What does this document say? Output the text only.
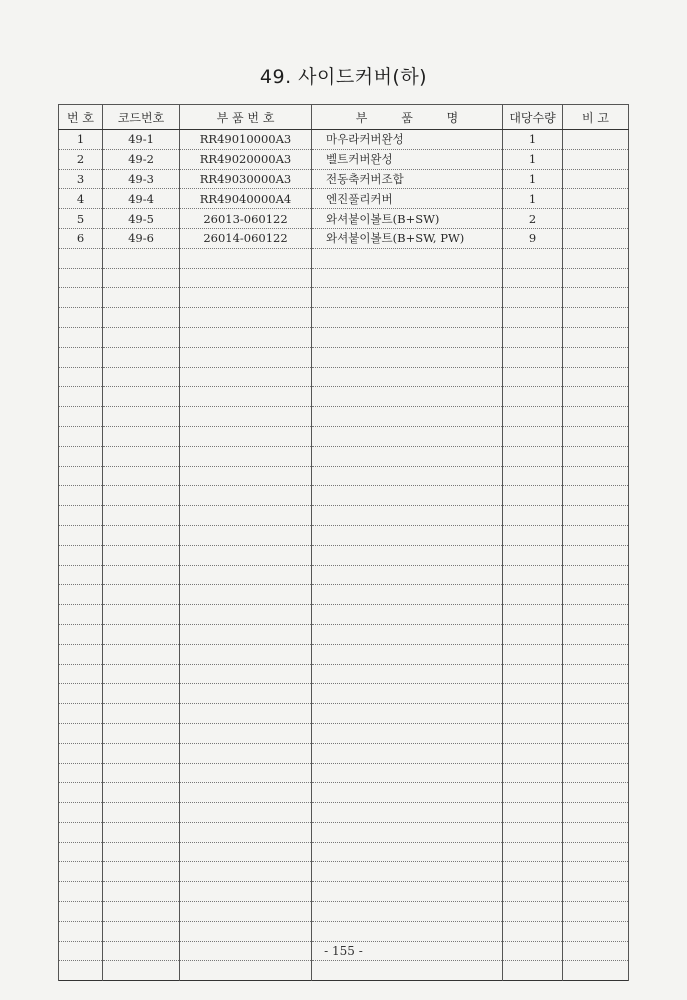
49. 사이드커버(하)
번 호	코드번호	부 품 번 호	부 품 명	대당수량	비 고
1	49-1	RR49010000A3	마우라커버완성	1	
2	49-2	RR49020000A3	벨트커버완성	1	
3	49-3	RR49030000A3	전동축커버조합	1	
4	49-4	RR49040000A4	엔진풀리커버	1	
5	49-5	26013-060122	와셔붙이볼트(B+SW)	2	
6	49-6	26014-060122	와셔붙이볼트(B+SW, PW)	9	

- 155 -
